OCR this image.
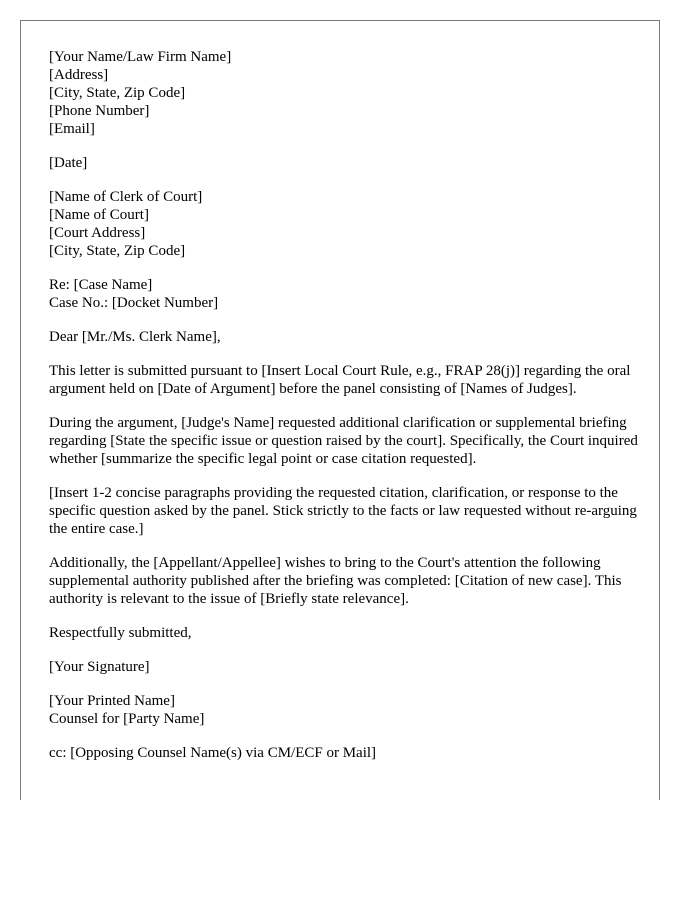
[Your Name/Law Firm Name]
[Address]
[City, State, Zip Code]
[Phone Number]
[Email]
[Date]
[Name of Clerk of Court]
[Name of Court]
[Court Address]
[City, State, Zip Code]
Re: [Case Name]
Case No.: [Docket Number]

Dear [Mr./Ms. Clerk Name],

This letter is submitted pursuant to [Insert Local Court Rule, e.g., FRAP 28(j)] regarding the oral argument held on [Date of Argument] before the panel consisting of [Names of Judges].

During the argument, [Judge's Name] requested additional clarification or supplemental briefing regarding [State the specific issue or question raised by the court]. Specifically, the Court inquired whether [summarize the specific legal point or case citation requested].

[Insert 1-2 concise paragraphs providing the requested citation, clarification, or response to the specific question asked by the panel. Stick strictly to the facts or law requested without re-arguing the entire case.]

Additionally, the [Appellant/Appellee] wishes to bring to the Court's attention the following supplemental authority published after the briefing was completed: [Citation of new case]. This authority is relevant to the issue of [Briefly state relevance].

Respectfully submitted,

[Your Signature]

[Your Printed Name]
Counsel for [Party Name]

cc: [Opposing Counsel Name(s) via CM/ECF or Mail]
